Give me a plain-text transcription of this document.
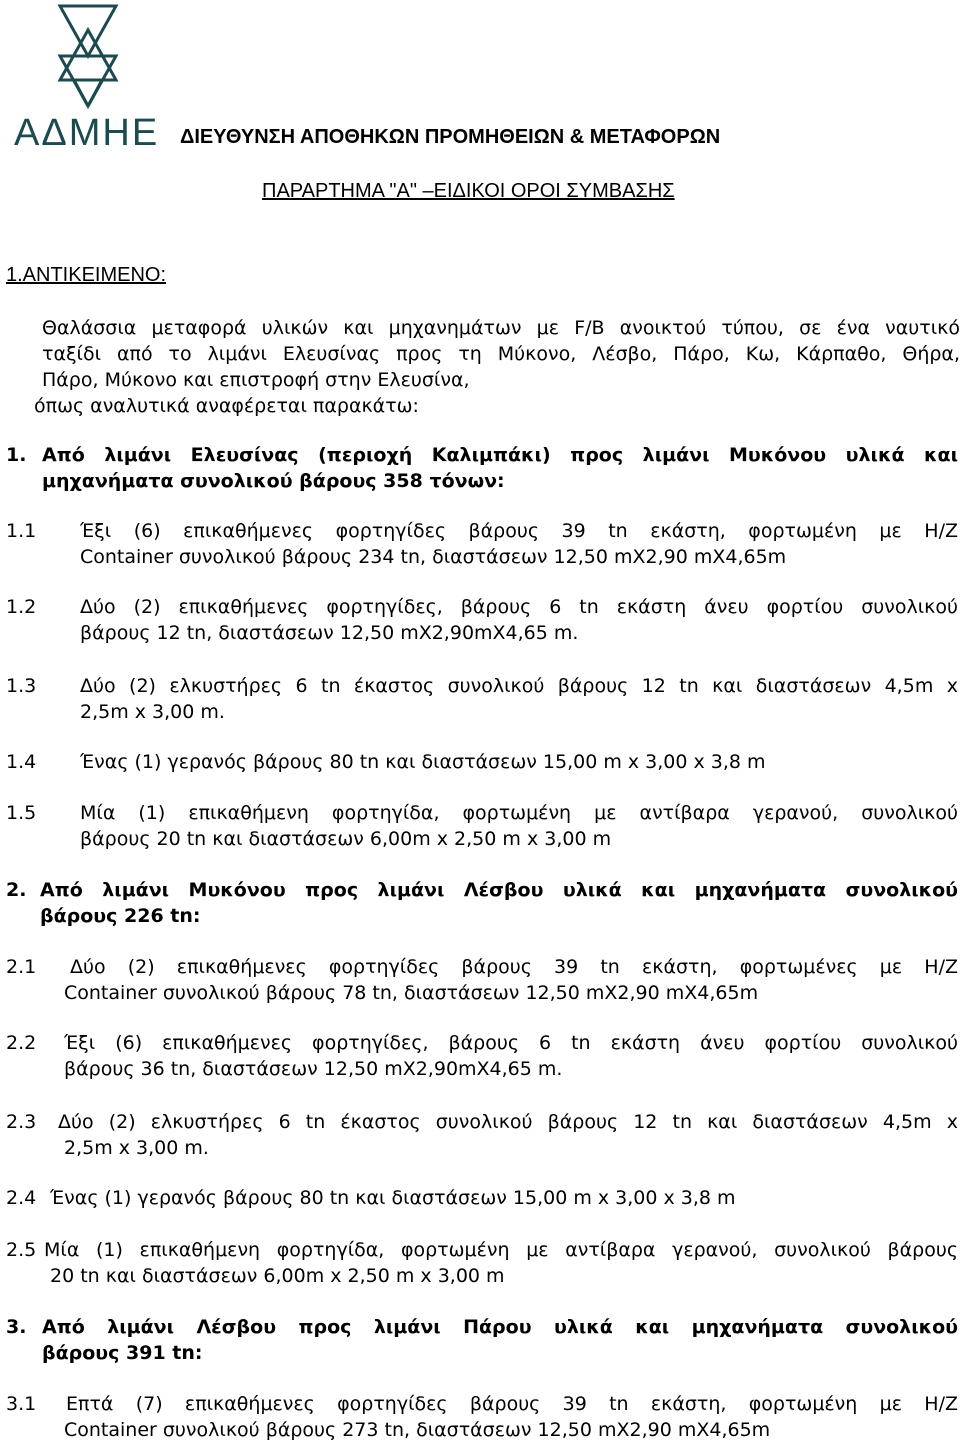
ΑΔΜΗΕ ΔΙΕΥΘΥΝΣΗ ΑΠΟΘΗΚΩΝ ΠΡΟΜΗΘΕΙΩΝ & ΜΕΤΑΦΟΡΩΝ
ΠΑΡΑΡΤΗΜΑ "Α" –ΕΙΔΙΚΟΙ ΟΡΟΙ ΣΥΜΒΑΣΗΣ
1.ΑΝΤΙΚΕΙΜΕΝΟ:
Θαλάσσια μεταφορά υλικών και μηχανημάτων με F/B ανοικτού τύπου, σε ένα ναυτικό
ταξίδι από το λιμάνι Ελευσίνας προς τη Μύκονο, Λέσβο, Πάρο, Κω, Κάρπαθο, Θήρα,
Πάρο, Μύκονο και επιστροφή στην Ελευσίνα,
όπως αναλυτικά αναφέρεται παρακάτω:
1. Από λιμάνι Ελευσίνας (περιοχή Καλιμπάκι) προς λιμάνι Μυκόνου υλικά και
μηχανήματα συνολικού βάρους 358 τόνων:
1.1 Έξι (6) επικαθήμενες φορτηγίδες βάρους 39 tn εκάστη, φορτωμένη με Η/Ζ
Container συνολικού βάρους 234 tn, διαστάσεων 12,50 mX2,90 mX4,65m
1.2 Δύο (2) επικαθήμενες φορτηγίδες, βάρους 6 tn εκάστη άνευ φορτίου συνολικού
βάρους 12 tn, διαστάσεων 12,50 mX2,90mX4,65 m.
1.3 Δύο (2) ελκυστήρες 6 tn έκαστος συνολικού βάρους 12 tn και διαστάσεων 4,5m x
2,5m x 3,00 m.
1.4 Ένας (1) γερανός βάρους 80 tn και διαστάσεων 15,00 m x 3,00 x 3,8 m
1.5 Μία (1) επικαθήμενη φορτηγίδα, φορτωμένη με αντίβαρα γερανού, συνολικού
βάρους 20 tn και διαστάσεων 6,00m x 2,50 m x 3,00 m
2. Από λιμάνι Μυκόνου προς λιμάνι Λέσβου υλικά και μηχανήματα συνολικού
βάρους 226 tn:
2.1 Δύο (2) επικαθήμενες φορτηγίδες βάρους 39 tn εκάστη, φορτωμένες με Η/Ζ
Container συνολικού βάρους 78 tn, διαστάσεων 12,50 mX2,90 mX4,65m
2.2 Έξι (6) επικαθήμενες φορτηγίδες, βάρους 6 tn εκάστη άνευ φορτίου συνολικού
βάρους 36 tn, διαστάσεων 12,50 mX2,90mX4,65 m.
2.3 Δύο (2) ελκυστήρες 6 tn έκαστος συνολικού βάρους 12 tn και διαστάσεων 4,5m x
2,5m x 3,00 m.
2.4 Ένας (1) γερανός βάρους 80 tn και διαστάσεων 15,00 m x 3,00 x 3,8 m
2.5 Μία (1) επικαθήμενη φορτηγίδα, φορτωμένη με αντίβαρα γερανού, συνολικού βάρους
20 tn και διαστάσεων 6,00m x 2,50 m x 3,00 m
3. Από λιμάνι Λέσβου προς λιμάνι Πάρου υλικά και μηχανήματα συνολικού
βάρους 391 tn:
3.1 Επτά (7) επικαθήμενες φορτηγίδες βάρους 39 tn εκάστη, φορτωμένη με Η/Ζ
Container συνολικού βάρους 273 tn, διαστάσεων 12,50 mX2,90 mX4,65m
